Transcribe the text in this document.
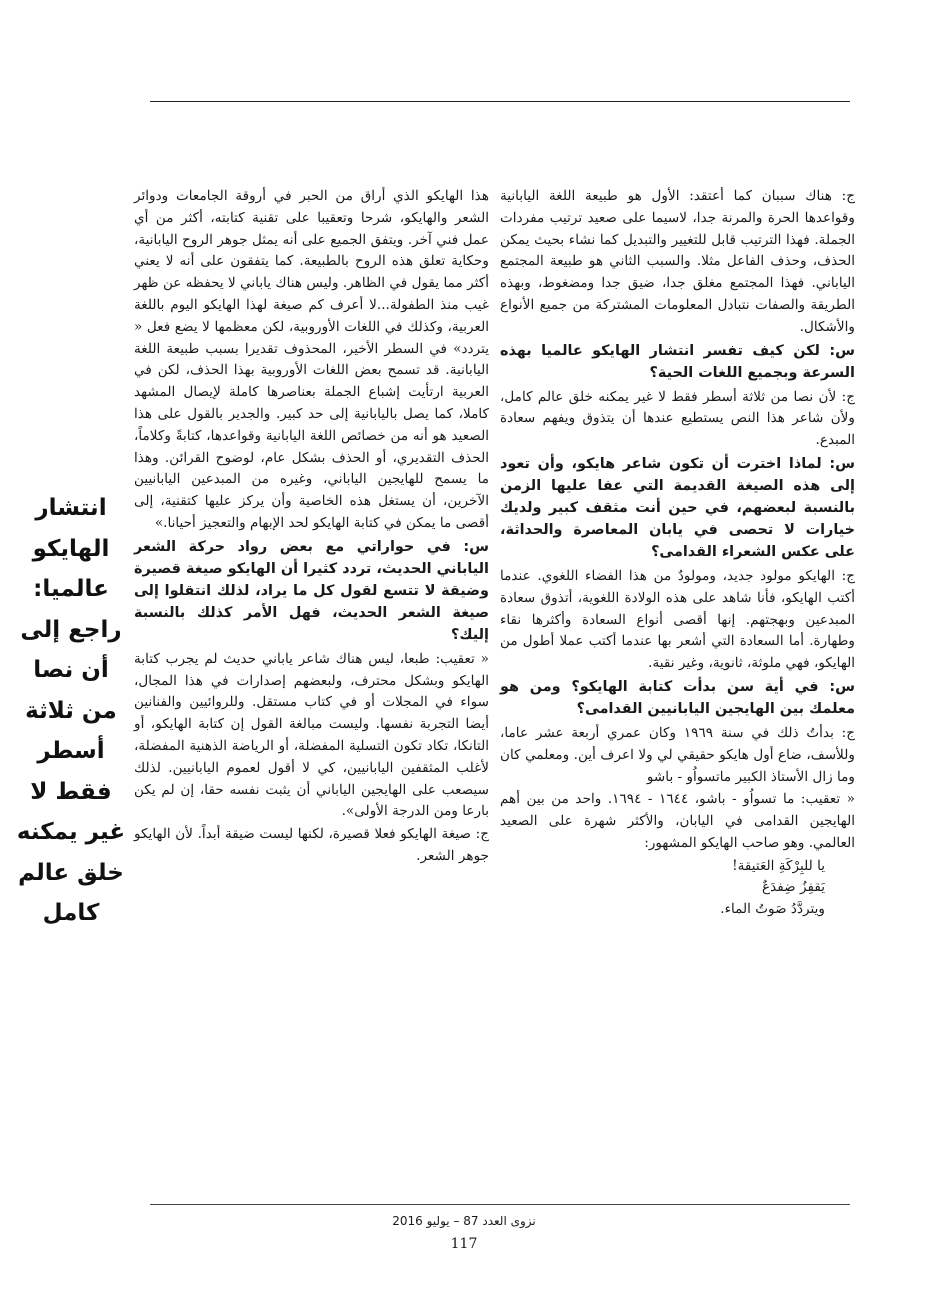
ج: هناك سببان كما أعتقد: الأول هو طبيعة اللغة اليابانية وقواعدها الحرة والمرنة جدا، لاسيما على صعيد ترتيب مفردات الجملة. فهذا الترتيب قابل للتغيير والتبديل كما نشاء بحيث يمكن الحذف، وحذف الفاعل مثلا. والسبب الثاني هو طبيعة المجتمع الياباني. فهذا المجتمع مغلق جدا، ضيق جدا ومضغوط، وبهذه الطريقة والصفات نتبادل المعلومات المشتركة من جميع الأنواع والأشكال.

س: لكن كيف تفسر انتشار الهايكو عالميا بهذه السرعة وبجميع اللغات الحية؟

ج: لأن نصا من ثلاثة أسطر فقط لا غير يمكنه خلق عالم كامل، ولأن شاعر هذا النص يستطيع عندها أن يتذوق ويفهم سعادة المبدع.

س: لماذا اخترت أن تكون شاعر هايكو، وأن تعود إلى هذه الصيغة القديمة التي عفا عليها الزمن بالنسبة لبعضهم، في حين أنت مثقف كبير ولديك خيارات لا تحصى في يابان المعاصرة والحداثة، على عكس الشعراء القدامى؟

ج: الهايكو مولود جديد، ومولودٌ من هذا الفضاء اللغوي. عندما أكتب الهايكو، فأنا شاهد على هذه الولادة اللغوية، أتذوق سعادة المبدعين وبهجتهم. إنها أقصى أنواع السعادة وأكثرها نقاء وطهارة. أما السعادة التي أشعر بها عندما أكتب عملا أطول من الهايكو، فهي ملوثة، ثانوية، وغير نقية.

س: في أية سن بدأت كتابة الهايكو؟ ومن هو معلمك بين الهايجين اليابانيين القدامى؟

ج: بدأتُ ذلك في سنة ١٩٦٩ وكان عمري أربعة عشر عاما، وللأسف، ضاع أول هايكو حقيقي لي ولا اعرف أين. ومعلمي كان وما زال الأستاذ الكبير ماتسواُو - باشو

« تعقيب: ما تسواُو - باشو، ١٦٤٤ - ١٦٩٤. واحد من بين أهم الهايجين القدامى في اليابان، والأكثر شهرة على الصعيد العالمي. وهو صاحب الهايكو المشهور:

يا للبِرْكَةِ العَتيقة!
يَقفِزُ ضِفدَعٌ
ويتردَّدُ صَوتُ الماء.

هذا الهايكو الذي أراق من الحبر في أروقة الجامعات ودوائر الشعر والهايكو، شرحا وتعقيبا على تقنية كتابته، أكثر من أي عمل فني آخر. ويتفق الجميع على أنه يمثل جوهر الروح اليابانية، وحكاية تعلق هذه الروح بالطبيعة. كما يتفقون على أنه لا يعني أكثر مما يقول في الظاهر. وليس هناك ياباني لا يحفظه عن ظهر غيب منذ الطفولة...لا أعرف كم صيغة لهذا الهايكو اليوم باللغة العربية، وكذلك في اللغات الأوروبية، لكن معظمها لا يضع فعل « يتردد» في السطر الأخير، المحذوف تقديرا بسبب طبيعة اللغة اليابانية. قد تسمح بعض اللغات الأوروبية بهذا الحذف، لكن في العربية ارتأيت إشباع الجملة بعناصرها كاملة لإيصال المشهد كاملا، كما يصل باليابانية إلى حد كبير. والجدير بالقول على هذا الصعيد هو أنه من خصائص اللغة اليابانية وقواعدها، كتابةً وكلاماً، الحذف التقديري، أو الحذف بشكل عام، لوضوح القرائن. وهذا ما يسمح للهايجين الياباني، وغيره من المبدعين اليابانيين الآخرين، أن يستغل هذه الخاصية وأن يركز عليها كتقنية، إلى أقصى ما يمكن في كتابة الهايكو لحد الإبهام والتعجيز أحيانا.»

س: في حواراتي مع بعض رواد حركة الشعر الياباني الحديث، تردد كثيرا أن الهايكو صيغة قصيرة وضيقة لا تتسع لقول كل ما يراد، لذلك انتقلوا إلى صيغة الشعر الحديث، فهل الأمر كذلك بالنسبة إليك؟

« تعقيب: طبعا، ليس هناك شاعر ياباني حديث لم يجرب كتابة الهايكو وبشكل محترف، ولبعضهم إصدارات في هذا المجال، سواء في المجلات أو في كتاب مستقل. وللروائيين والفنانين أيضا التجربة نفسها. وليست مبالغة القول إن كتابة الهايكو، أو التانكا، تكاد تكون التسلية المفضلة، أو الرياضة الذهنية المفضلة، لأغلب المثقفين اليابانيين، كي لا أقول لعموم اليابانيين. لذلك سيصعب على الهايجين الياباني أن يثبت نفسه حقا، إن لم يكن بارعا ومن الدرجة الأولى».

ج: صيغة الهايكو فعلا قصيرة، لكنها ليست ضيقة أبداً. لأن الهايكو جوهر الشعر.

انتشار الهايكو عالميا: راجع إلى أن نصا من ثلاثة أسطر فقط لا غير يمكنه خلق عالم كامل
نزوى العدد 87 – يوليو 2016
117
